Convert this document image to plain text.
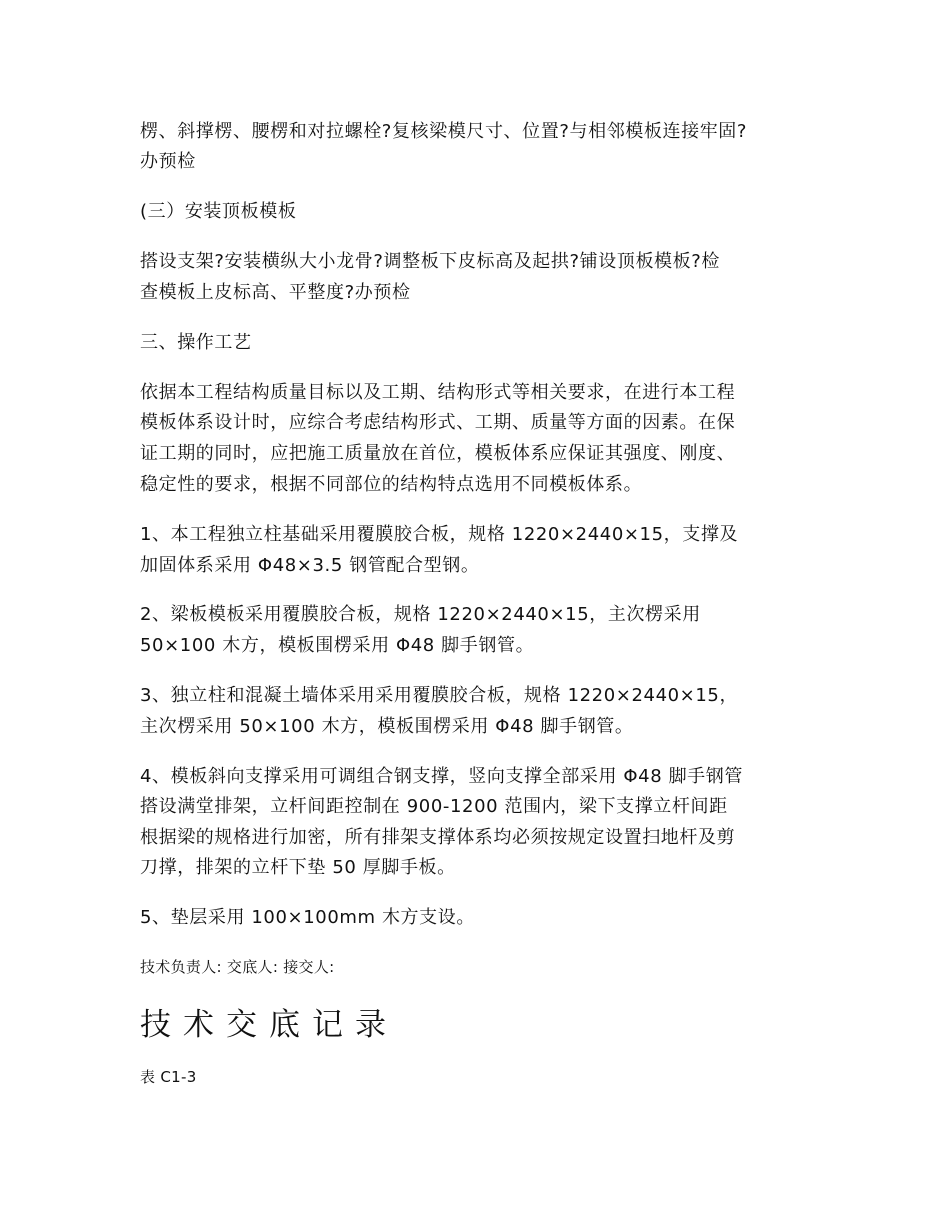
楞、斜撑楞、腰楞和对拉螺栓?复核梁模尺寸、位置?与相邻模板连接牢固?
办预检
(三）安装顶板模板
搭设支架?安装横纵大小龙骨?调整板下皮标高及起拱?铺设顶板模板?检
查模板上皮标高、平整度?办预检
三、操作工艺
依据本工程结构质量目标以及工期、结构形式等相关要求，在进行本工程
模板体系设计时，应综合考虑结构形式、工期、质量等方面的因素。在保
证工期的同时，应把施工质量放在首位，模板体系应保证其强度、刚度、
稳定性的要求，根据不同部位的结构特点选用不同模板体系。
1、本工程独立柱基础采用覆膜胶合板，规格 1220×2440×15，支撑及
加固体系采用 Φ48×3.5 钢管配合型钢。
2、梁板模板采用覆膜胶合板，规格 1220×2440×15，主次楞采用
50×100 木方，模板围楞采用 Φ48 脚手钢管。
3、独立柱和混凝土墙体采用采用覆膜胶合板，规格 1220×2440×15，
主次楞采用 50×100 木方，模板围楞采用 Φ48 脚手钢管。
4、模板斜向支撑采用可调组合钢支撑，竖向支撑全部采用 Φ48 脚手钢管
搭设满堂排架，立杆间距控制在 900-1200 范围内，梁下支撑立杆间距
根据梁的规格进行加密，所有排架支撑体系均必须按规定设置扫地杆及剪
刀撑，排架的立杆下垫 50 厚脚手板。
5、垫层采用 100×100mm 木方支设。
技术负责人: 交底人: 接交人:
技术交底记录
表 C1-3
